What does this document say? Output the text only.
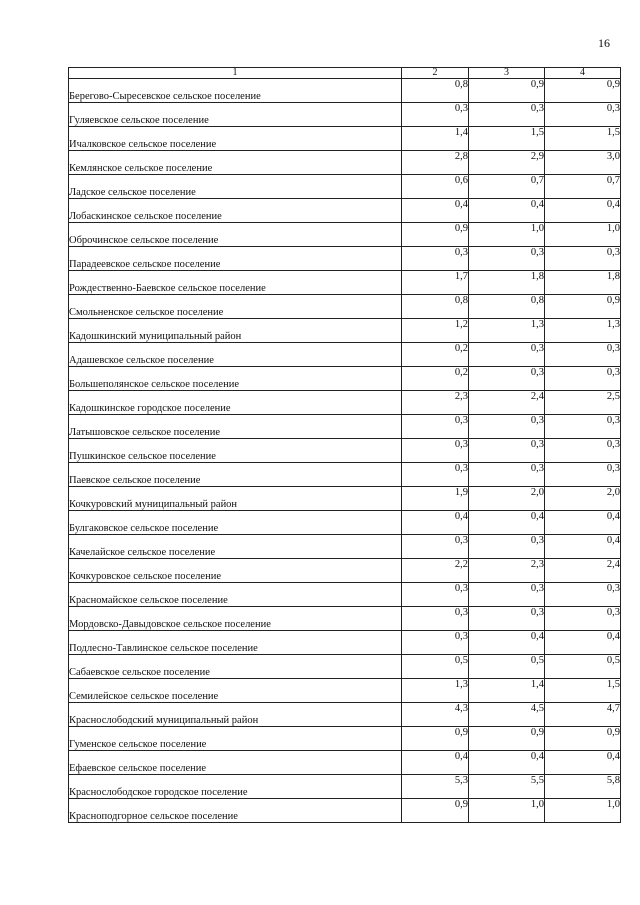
16
1	2	3	4
Берегово-Сыресевское сельское поселение	0,8	0,9	0,9
Гуляевское сельское поселение	0,3	0,3	0,3
Ичалковское сельское поселение	1,4	1,5	1,5
Кемлянское сельское поселение	2,8	2,9	3,0
Ладское сельское поселение	0,6	0,7	0,7
Лобаскинское сельское поселение	0,4	0,4	0,4
Оброчинское сельское поселение	0,9	1,0	1,0
Парадеевское сельское поселение	0,3	0,3	0,3
Рождественно-Баевское сельское поселение	1,7	1,8	1,8
Смольненское сельское поселение	0,8	0,8	0,9
Кадошкинский муниципальный район	1,2	1,3	1,3
Адашевское сельское поселение	0,2	0,3	0,3
Большеполянское сельское поселение	0,2	0,3	0,3
Кадошкинское городское поселение	2,3	2,4	2,5
Латышовское сельское поселение	0,3	0,3	0,3
Пушкинское сельское поселение	0,3	0,3	0,3
Паевское сельское поселение	0,3	0,3	0,3
Кочкуровский муниципальный район	1,9	2,0	2,0
Булгаковское сельское поселение	0,4	0,4	0,4
Качелайское сельское поселение	0,3	0,3	0,4
Кочкуровское сельское поселение	2,2	2,3	2,4
Красномайское сельское поселение	0,3	0,3	0,3
Мордовско-Давыдовское сельское поселение	0,3	0,3	0,3
Подлесно-Тавлинское сельское поселение	0,3	0,4	0,4
Сабаевское сельское поселение	0,5	0,5	0,5
Семилейское сельское поселение	1,3	1,4	1,5
Краснослободский муниципальный район	4,3	4,5	4,7
Гуменское сельское поселение	0,9	0,9	0,9
Ефаевское сельское поселение	0,4	0,4	0,4
Краснослободское городское поселение	5,3	5,5	5,8
Красноподгорное сельское поселение	0,9	1,0	1,0
